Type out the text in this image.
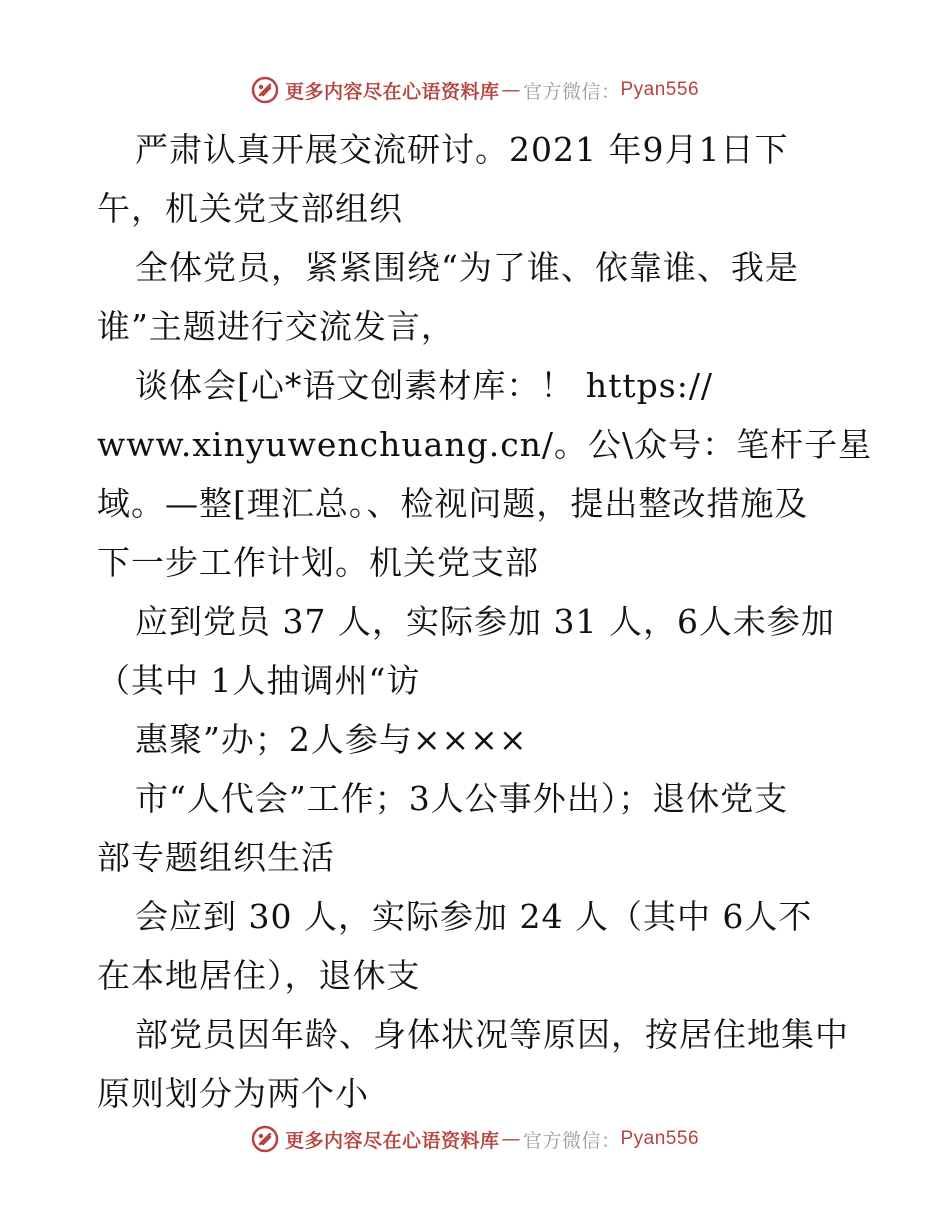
更多内容尽在心语资料库 — 官方微信： Pyan556
严肃认真开展交流研讨。2021 年9月1日下
午，机关党支部组织
全体党员，紧紧围绕“为了谁、依靠谁、我是
谁”主题进行交流发言，
谈体会[心*语文创素材库：！ https://
www.xinyuwenchuang.cn/。公\众号：笔杆子星
域。—整[理汇总。、检视问题，提出整改措施及
下一步工作计划。机关党支部
应到党员 37 人，实际参加 31 人，6人未参加
（其中 1人抽调州“访
惠聚”办；2人参与××××
市“人代会”工作；3人公事外出）；退休党支
部专题组织生活
会应到 30 人，实际参加 24 人（其中 6人不
在本地居住），退休支
部党员因年龄、身体状况等原因，按居住地集中
原则划分为两个小
更多内容尽在心语资料库 — 官方微信： Pyan556
